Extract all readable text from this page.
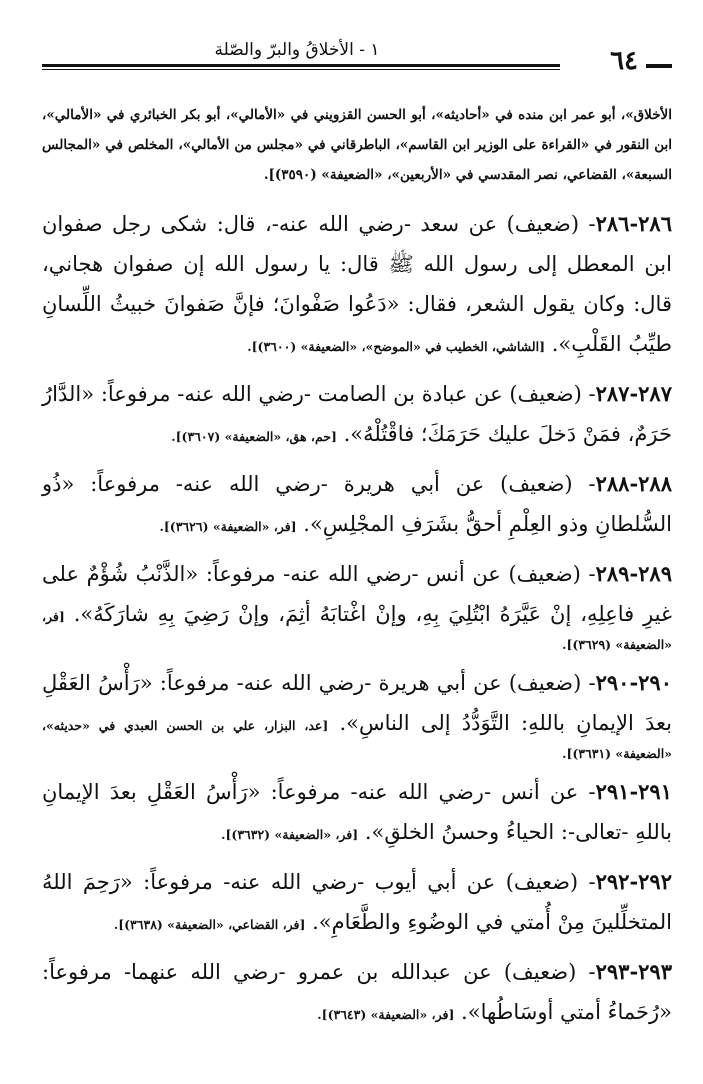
١ - الأخلاقُ والبرّ والصّلة	٦٤
الأخلاق»، أبو عمر ابن منده في «أحاديثه»، أبو الحسن القزويني في «الأمالي»، أبو بكر الخبائري في «الأمالي»، ابن النقور في «القراءة على الوزير ابن القاسم»، الباطرقاني في «مجلس من الأمالي»، المخلص في «المجالس السبعة»، القضاعي، نصر المقدسي في «الأربعين»، «الضعيفة» (٣٥٩٠)].
٢٨٦-٢٨٦- (ضعيف) عن سعد -رضي الله عنه-، قال: شكى رجل صفوان ابن المعطل إلى رسول الله ﷺ قال: يا رسول الله إن صفوان هجاني، قال: وكان يقول الشعر، فقال: «دَعُوا صَفْوانَ؛ فإنَّ صَفوانَ خبيثُ اللِّسانِ طيِّبُ القَلْبِ». [الشاشي، الخطيب في «الموضح»، «الضعيفة» (٣٦٠٠)].
٢٨٧-٢٨٧- (ضعيف) عن عبادة بن الصامت -رضي الله عنه- مرفوعاً: «الدَّارُ حَرَمٌ، فمَنْ دَخلَ عليك حَرَمَكَ؛ فاقْتُلْهُ». [حم، هق، «الضعيفة» (٣٦٠٧)].
٢٨٨-٢٨٨- (ضعيف) عن أبي هريرة -رضي الله عنه- مرفوعاً: «ذُو السُّلطانِ وذو العِلْمِ أحقُّ بشَرَفِ المجْلِسِ». [فر، «الضعيفة» (٣٦٢٦)].
٢٨٩-٢٨٩- (ضعيف) عن أنس -رضي الله عنه- مرفوعاً: «الذَّنْبُ شُؤْمٌ على غيرِ فاعِلِهِ، إنْ عَيَّرَهُ ابْتُلِيَ بِهِ، وإنْ اغْتابَهُ أثِمَ، وإنْ رَضِيَ بِهِ شارَكَهُ». [فر، «الضعيفة» (٣٦٢٩)].
٢٩٠-٢٩٠- (ضعيف) عن أبي هريرة -رضي الله عنه- مرفوعاً: «رَأْسُ العَقْلِ بعدَ الإيمانِ باللهِ: التَّوَدُّدُ إلى الناسِ». [عد، البزار، علي بن الحسن العبدي في «حديثه»، «الضعيفة» (٣٦٣١)].
٢٩١-٢٩١- عن أنس -رضي الله عنه- مرفوعاً: «رَأْسُ العَقْلِ بعدَ الإيمانِ باللهِ -تعالى-: الحياءُ وحسنُ الخلقِ». [فر، «الضعيفة» (٣٦٣٢)].
٢٩٢-٢٩٢- (ضعيف) عن أبي أيوب -رضي الله عنه- مرفوعاً: «رَحِمَ اللهُ المتخلِّلينَ مِنْ أُمتي في الوضُوءِ والطَّعَامِ». [فر، القضاعي، «الضعيفة» (٣٦٣٨)].
٢٩٣-٢٩٣- (ضعيف) عن عبدالله بن عمرو -رضي الله عنهما- مرفوعاً: «رُحَماءُ أمتي أوسَاطُها». [فر، «الضعيفة» (٣٦٤٣)].
